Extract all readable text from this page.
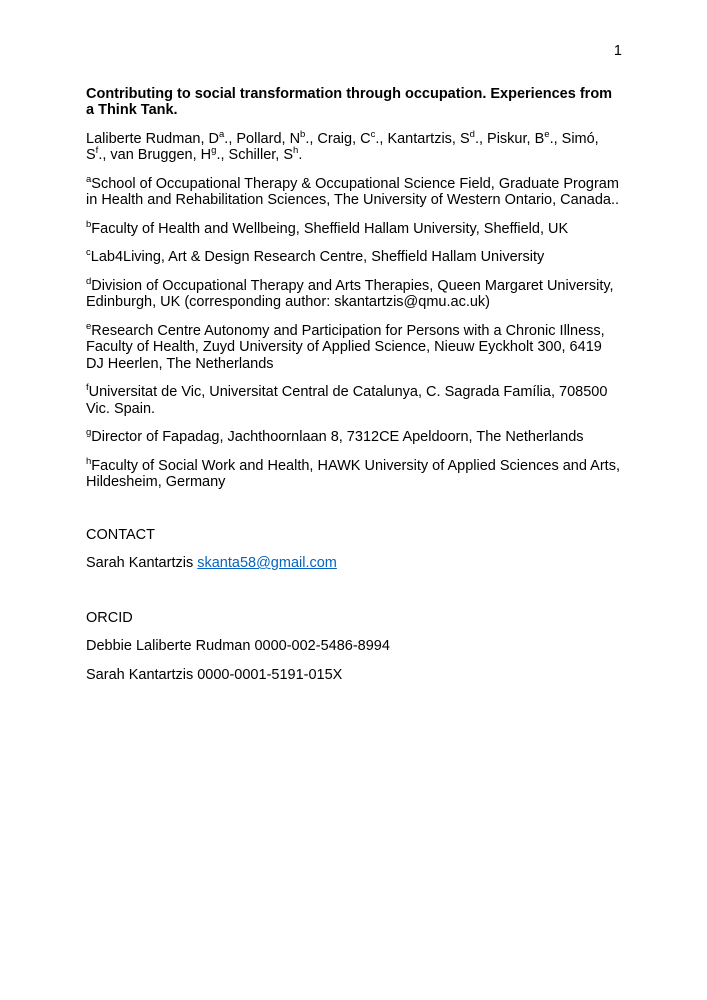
1

Contributing to social transformation through occupation. Experiences from a Think Tank.

Laliberte Rudman, $D^a$., Pollard, $N^b$., Craig, $C^c$., Kantartzis, $S^d$., Piskur, $B^e$., Simó, $S^f$., van Bruggen, $H^g$., Schiller, $S^h$.

$^a$School of Occupational Therapy & Occupational Science Field, Graduate Program in Health and Rehabilitation Sciences, The University of Western Ontario, Canada..

$^b$Faculty of Health and Wellbeing, Sheffield Hallam University, Sheffield, UK

$^c$Lab4Living, Art & Design Research Centre, Sheffield Hallam University

$^d$Division of Occupational Therapy and Arts Therapies, Queen Margaret University, Edinburgh, UK (corresponding author: skantartzis@qmu.ac.uk)

$^e$Research Centre Autonomy and Participation for Persons with a Chronic Illness, Faculty of Health, Zuyd University of Applied Science, Nieuw Eyckholt 300, 6419 DJ Heerlen, The Netherlands

$^f$Universitat de Vic, Universitat Central de Catalunya, C. Sagrada Família, 708500 Vic. Spain.

$^g$Director of Fapadag, Jachthoornlaan 8, 7312CE Apeldoorn, The Netherlands

$^h$Faculty of Social Work and Health, HAWK University of Applied Sciences and Arts, Hildesheim, Germany

CONTACT

Sarah Kantartzis skanta58@gmail.com

ORCID

Debbie Laliberte Rudman 0000-002-5486-8994

Sarah Kantartzis 0000-0001-5191-015X
